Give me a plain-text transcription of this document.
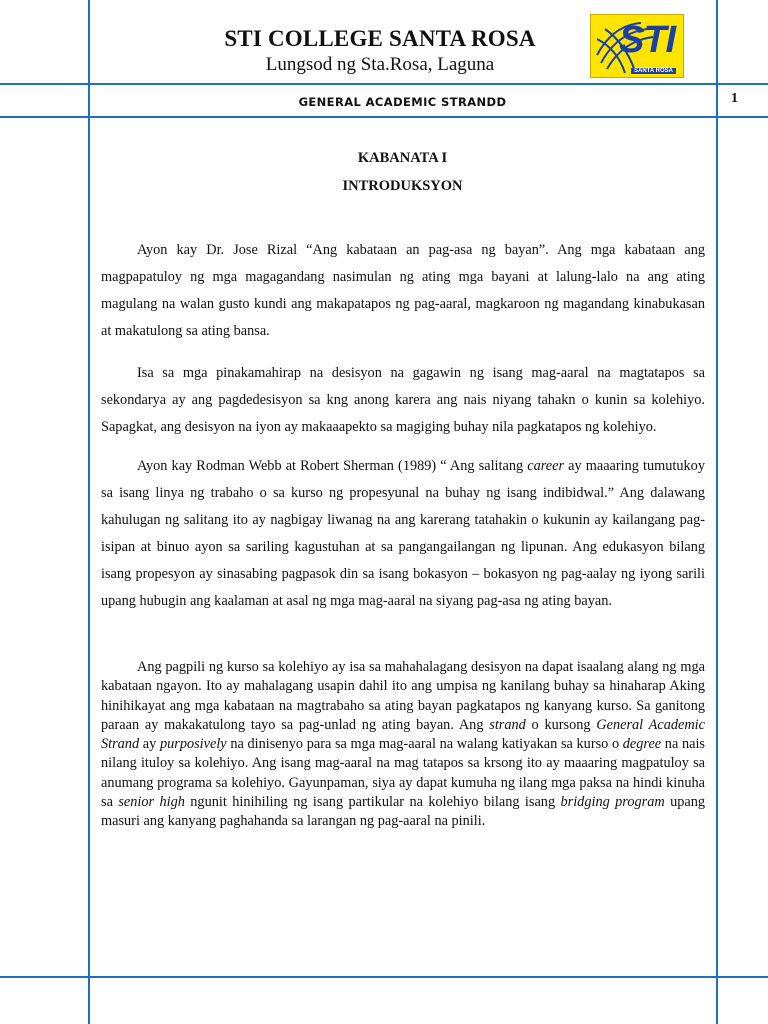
STI COLLEGE SANTA ROSA
Lungsod ng Sta.Rosa, Laguna
STI
SANTA ROSA
GENERAL ACADEMIC STRANDD	1
KABANATA I
INTRODUKSYON

Ayon kay Dr. Jose Rizal “Ang kabataan an pag-asa ng bayan”. Ang mga kabataan ang magpapatuloy ng mga magagandang nasimulan ng ating mga bayani at lalung-lalo na ang ating magulang na walan gusto kundi ang makapatapos ng pag-aaral, magkaroon ng magandang kinabukasan at makatulong sa ating bansa.

Isa sa mga pinakamahirap na desisyon na gagawin ng isang mag-aaral na magtatapos sa sekondarya ay ang pagdedesisyon sa kng anong karera ang nais niyang tahakn o kunin sa kolehiyo. Sapagkat, ang desisyon na iyon ay makaaapekto sa magiging buhay nila pagkatapos ng kolehiyo.

Ayon kay Rodman Webb at Robert Sherman (1989) “ Ang salitang career ay maaaring tumutukoy sa isang linya ng trabaho o sa kurso ng propesyunal na buhay ng isang indibidwal.” Ang dalawang kahulugan ng salitang ito ay nagbigay liwanag na ang karerang tatahakin o kukunin ay kailangang pag-isipan at binuo ayon sa sariling kagustuhan at sa pangangailangan ng lipunan. Ang edukasyon bilang isang propesyon ay sinasabing pagpasok din sa isang bokasyon – bokasyon ng pag-aalay ng iyong sarili upang hubugin ang kaalaman at asal ng mga mag-aaral na siyang pag-asa ng ating bayan.

Ang pagpili ng kurso sa kolehiyo ay isa sa mahahalagang desisyon na dapat isaalang alang ng mga kabataan ngayon. Ito ay mahalagang usapin dahil ito ang umpisa ng kanilang buhay sa hinaharap Aking hinihikayat ang mga kabataan na magtrabaho sa ating bayan pagkatapos ng kanyang kurso. Sa ganitong paraan ay makakatulong tayo sa pag-unlad ng ating bayan. Ang strand o kursong General Academic Strand ay purposively na dinisenyo para sa mga mag-aaral na walang katiyakan sa kurso o degree na nais nilang ituloy sa kolehiyo. Ang isang mag-aaral na mag tatapos sa krsong ito ay maaaring magpatuloy sa anumang programa sa kolehiyo. Gayunpaman, siya ay dapat kumuha ng ilang mga paksa na hindi kinuha sa senior high ngunit hinihiling ng isang partikular na kolehiyo bilang isang bridging program upang masuri ang kanyang paghahanda sa larangan ng pag-aaral na pinili.
